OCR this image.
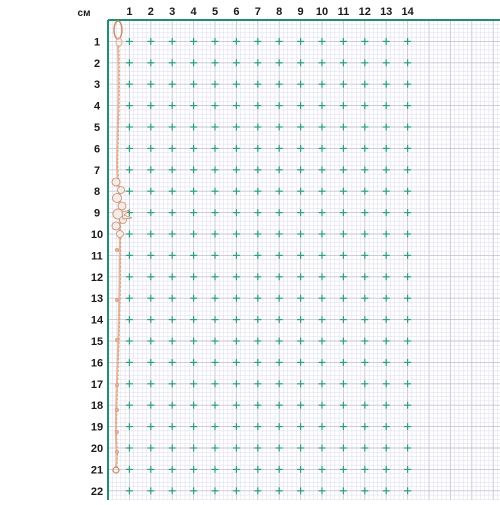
см	1 2 3 4 5 6 7 8 9 10 11 12 13 14
1
2
3
4
5
6
7
8
9
10
11
12
13
14
15
16
17
18
19
20
21
22
